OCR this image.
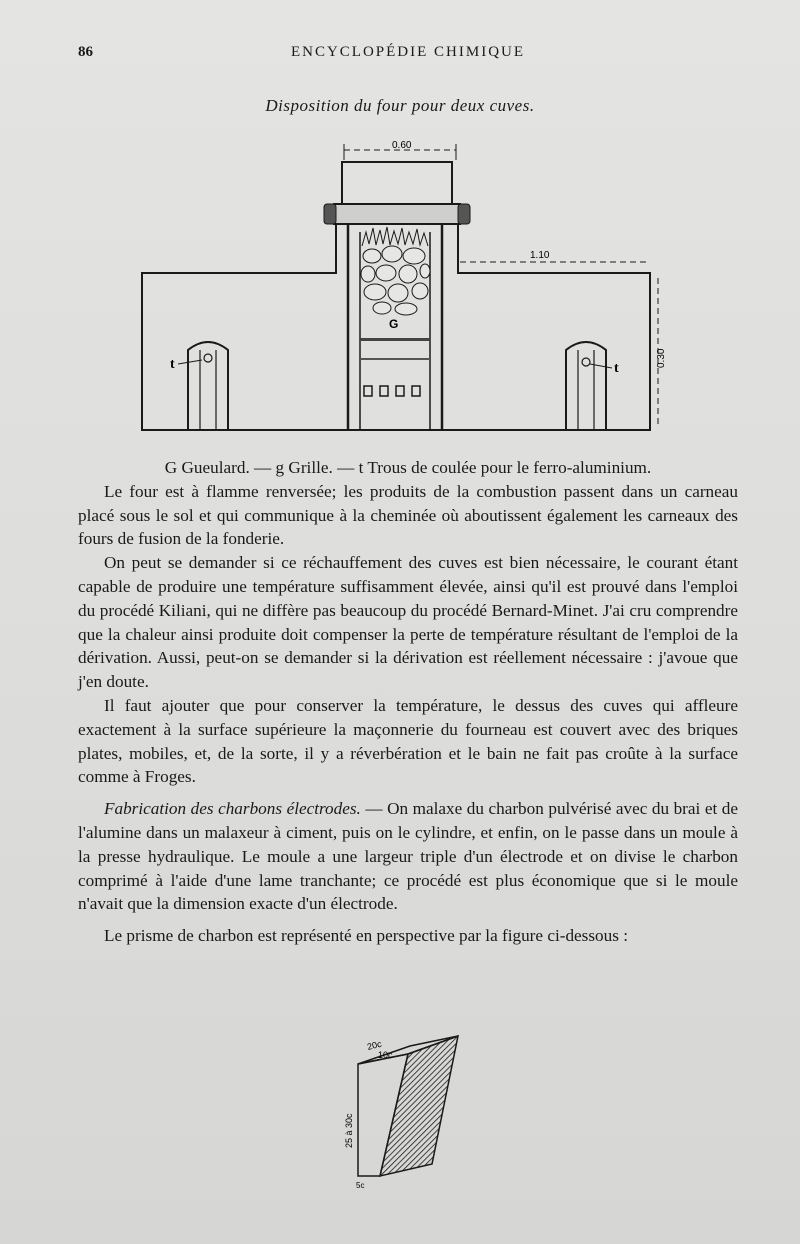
86	ENCYCLOPÉDIE CHIMIQUE
Disposition du four pour deux cuves.
G
t	t
0.60
1.10
0.30

G Gueulard. — g Grille. — t Trous de coulée pour le ferro-aluminium.

Le four est à flamme renversée; les produits de la combustion passent dans un carneau placé sous le sol et qui communique à la cheminée où aboutissent également les carneaux des fours de fusion de la fonderie.

On peut se demander si ce réchauffement des cuves est bien nécessaire, le courant étant capable de produire une température suffisamment élevée, ainsi qu'il est prouvé dans l'emploi du procédé Kiliani, qui ne diffère pas beaucoup du procédé Bernard-Minet. J'ai cru comprendre que la chaleur ainsi produite doit compenser la perte de température résultant de l'emploi de la dérivation. Aussi, peut-on se demander si la dérivation est réellement nécessaire : j'avoue que j'en doute.

Il faut ajouter que pour conserver la température, le dessus des cuves qui affleure exactement à la surface supérieure la maçonnerie du fourneau est couvert avec des briques plates, mobiles, et, de la sorte, il y a réverbération et le bain ne fait pas croûte à la surface comme à Froges.

Fabrication des charbons électrodes. — On malaxe du charbon pulvérisé avec du brai et de l'alumine dans un malaxeur à ciment, puis on le cylindre, et enfin, on le passe dans un moule à la presse hydraulique. Le moule a une largeur triple d'un électrode et on divise le charbon comprimé à l'aide d'une lame tranchante; ce procédé est plus économique que si le moule n'avait que la dimension exacte d'un électrode.

Le prisme de charbon est représenté en perspective par la figure ci-dessous :

20c
10c
25 à 30c
5c
